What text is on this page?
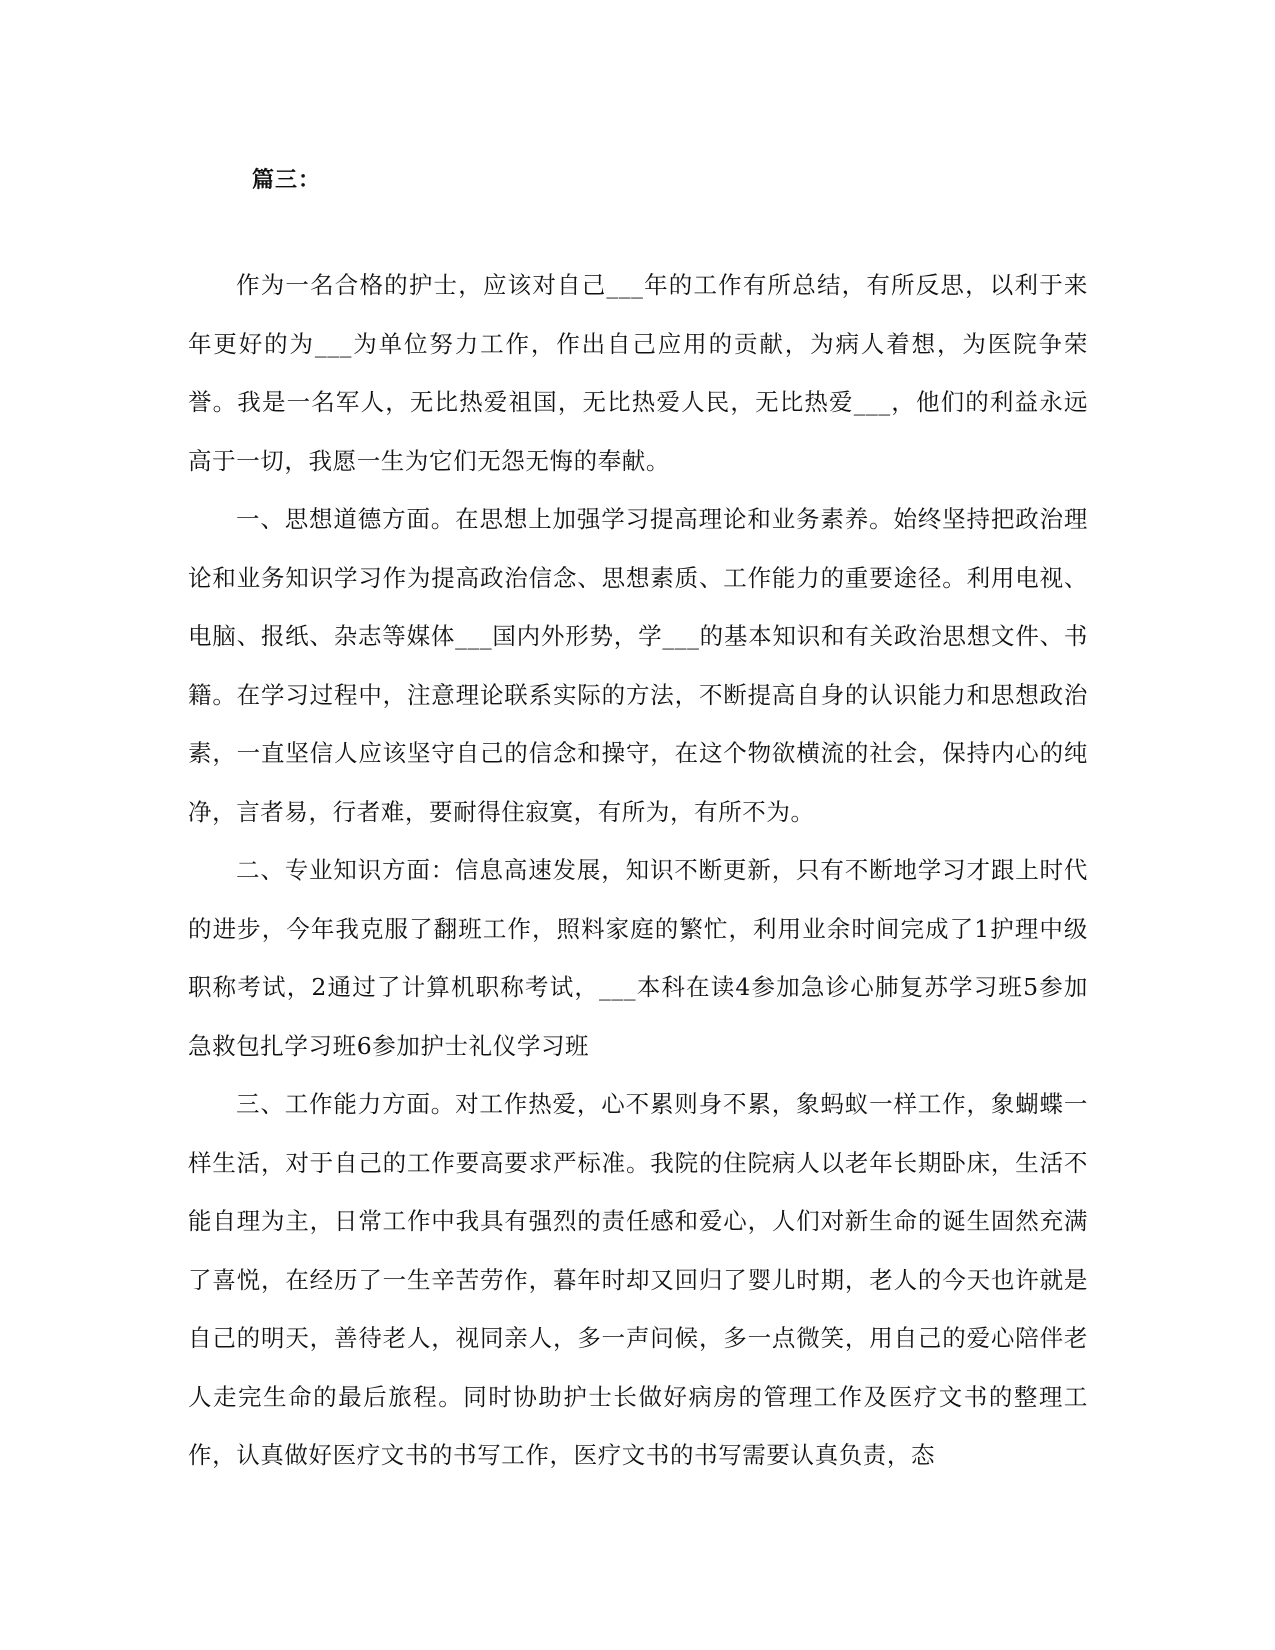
篇三：

作为一名合格的护士，应该对自己___年的工作有所总结，有所反思，以利于来年更好的为___为单位努力工作，作出自己应用的贡献，为病人着想，为医院争荣誉。我是一名军人，无比热爱祖国，无比热爱人民，无比热爱___，他们的利益永远高于一切，我愿一生为它们无怨无悔的奉献。

一、思想道德方面。在思想上加强学习提高理论和业务素养。始终坚持把政治理论和业务知识学习作为提高政治信念、思想素质、工作能力的重要途径。利用电视、电脑、报纸、杂志等媒体___国内外形势，学___的基本知识和有关政治思想文件、书籍。在学习过程中，注意理论联系实际的方法，不断提高自身的认识能力和思想政治素，一直坚信人应该坚守自己的信念和操守，在这个物欲横流的社会，保持内心的纯净，言者易，行者难，要耐得住寂寞，有所为，有所不为。

二、专业知识方面：信息高速发展，知识不断更新，只有不断地学习才跟上时代的进步，今年我克服了翻班工作，照料家庭的繁忙，利用业余时间完成了1护理中级职称考试，2通过了计算机职称考试，___本科在读4参加急诊心肺复苏学习班5参加急救包扎学习班6参加护士礼仪学习班

三、工作能力方面。对工作热爱，心不累则身不累，象蚂蚁一样工作，象蝴蝶一样生活，对于自己的工作要高要求严标准。我院的住院病人以老年长期卧床，生活不能自理为主，日常工作中我具有强烈的责任感和爱心，人们对新生命的诞生固然充满了喜悦，在经历了一生辛苦劳作，暮年时却又回归了婴儿时期，老人的今天也许就是自己的明天，善待老人，视同亲人，多一声问候，多一点微笑，用自己的爱心陪伴老人走完生命的最后旅程。同时协助护士长做好病房的管理工作及医疗文书的整理工作，认真做好医疗文书的书写工作，医疗文书的书写需要认真负责，态
